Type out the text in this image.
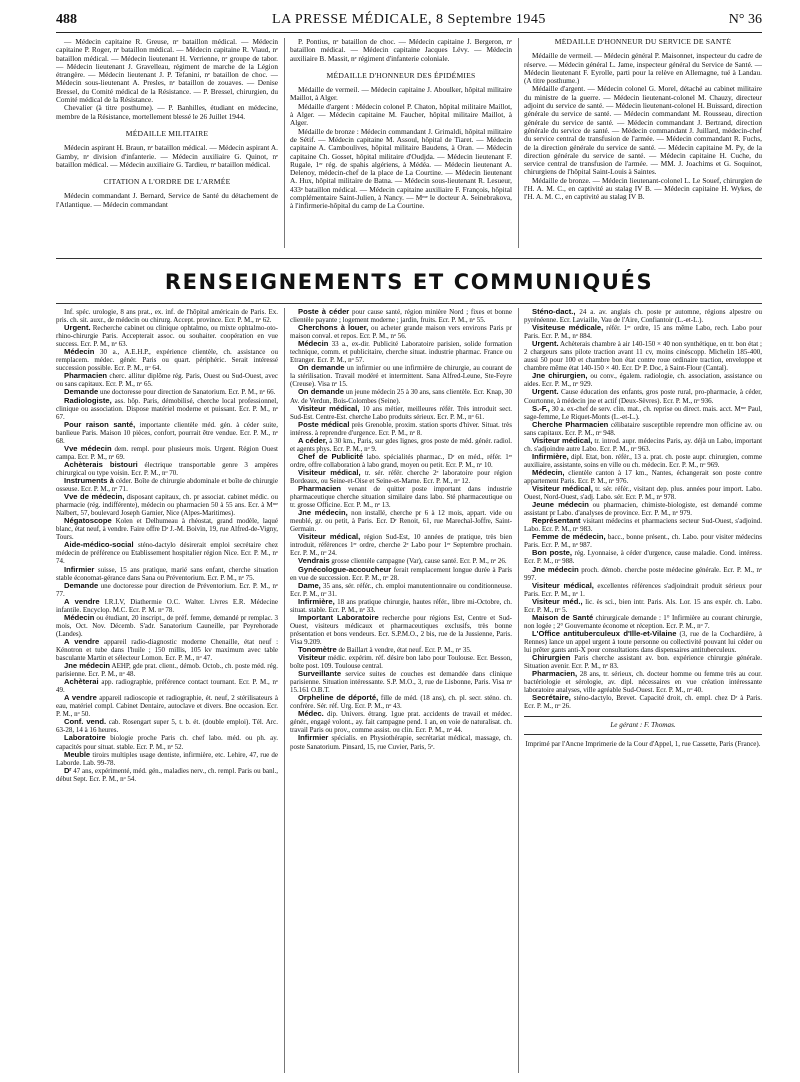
488	LA PRESSE MÉDICALE, 8 Septembre 1945	N° 36

— Médecin capitaine R. Greuse, nᵉ bataillon médical. — Médecin capitaine P. Roger, nᵉ bataillon médical. — Médecin capitaine R. Viaud, nᵉ bataillon médical. — Médecin lieutenant H. Verrienne, nᵉ groupe de tabor. — Médecin lieutenant J. Gravelleau, régiment de marche de la Légion étrangère. — Médecin lieutenant J. P. Tefanini, nᵉ bataillon de choc. — Médecin sous-lieutenant A. Presles, nᵉ bataillon de zouaves. — Denise Bressel, du Comité médical de la Résistance. — P. Bressel, chirurgien, du Comité médical de la Résistance.

Chevalier (à titre posthume). — P. Banhilles, étudiant en médecine, membre de la Résistance, mortellement blessé le 26 Juillet 1944.

MÉDAILLE MILITAIRE

Médecin aspirant H. Braun, nᵉ bataillon médical. — Médecin aspirant A. Gamby, nᵉ division d'infanterie. — Médecin auxiliaire G. Quinot, nᵉ bataillon médical. — Médecin auxiliaire G. Tardieu, nᵉ bataillon médical.

CITATION A L'ORDRE DE L'ARMÉE

Médecin commandant J. Bernard, Service de Santé du détachement de l'Atlantique. — Médecin commandant

P. Pontius, nᵉ bataillon de choc. — Médecin capitaine J. Bergeron, nᵉ bataillon médical. — Médecin capitaine Jacques Lévy. — Médecin auxiliaire B. Massit, nᵉ régiment d'infanterie coloniale.

MÉDAILLE D'HONNEUR DES ÉPIDÉMIES

Médaille de vermeil. — Médecin capitaine J. Aboulker, hôpital militaire Maillot, à Alger.

Médaille d'argent : Médecin colonel P. Chaton, hôpital militaire Maillot, à Alger. — Médecin capitaine M. Faucher, hôpital militaire Maillot, à Alger.

Médaille de bronze : Médecin commandant J. Grimaldi, hôpital militaire de Sétif. — Médecin capitaine M. Assoul, hôpital de Tiaret. — Médecin capitaine A. Camboulives, hôpital militaire Baudens, à Oran. — Médecin capitaine Ch. Gosset, hôpital militaire d'Oudjda. — Médecin lieutenant F. Rugale, 1ᵉʳ rég. de spahis algériens, à Médéa. — Médecin lieutenant A. Delenoy, médecin-chef de la place de La Courtine. — Médecin lieutenant A. Hux, hôpital militaire de Batna. — Médecin sous-lieutenant R. Lesueur, 433ᵉ bataillon médical. — Médecin capitaine auxiliaire F. François, hôpital complémentaire Saint-Julien, à Nancy. — Mᵐᵉ le docteur A. Seinebrakova, à l'infirmerie-hôpital du camp de La Courtine.

MÉDAILLE D'HONNEUR DU SERVICE DE SANTÉ

Médaille de vermeil. — Médecin général P. Maisonnet, inspecteur du cadre de réserve. — Médecin général L. Jame, inspecteur général du Service de Santé. — Médecin lieutenant F. Eyrolle, parti pour la relève en Allemagne, tué à Landau. (A titre posthume.)

Médaille d'argent. — Médecin colonel G. Morel, détaché au cabinet militaire du ministre de la guerre. — Médecin lieutenant-colonel M. Chauzy, directeur adjoint du service de santé. — Médecin lieutenant-colonel H. Buissard, direction générale du service de santé. — Médecin commandant M. Rousseau, direction générale du service de santé. — Médecin commandant J. Bertrand, direction générale du service de santé. — Médecin commandant J. Juillard, médecin-chef du service central de transfusion de l'armée. — Médecin commandant R. Fuchs, de la direction générale du service de santé. — Médecin capitaine M. Py, de la direction générale du service de santé. — Médecin capitaine H. Cuche, du service central de transfusion de l'armée. — MM. J. Joachims et G. Soquinot, chirurgiens de l'hôpital Saint-Louis à Saintes.

Médaille de bronze. — Médecin lieutenant-colonel L. Le Souef, chirurgien de l'H. A. M. C., en captivité au stalag IV B. — Médecin capitaine H. Wykes, de l'H. A. M. C., en captivité au stalag IV B.

RENSEIGNEMENTS ET COMMUNIQUÉS

Inf. spéc. urologie, 8 ans prat., ex. inf. de l'hôpital américain de Paris. Ex. pris. ch. sit. auxr., de médecin ou chirurg. Accept. province. Ecr. P. M., nᵒ 62.

Urgent. Recherche cabinet ou clinique ophtalmo, ou mixte ophtalmo-oto-rhino-chirurgie Paris. Accepterait assoc. ou souhaiter. coopération en vue success. Ecr. P. M., nᵒ 63.

Médecin 30 a., A.E.H.P., expérience clientèle, ch. assistance ou remplacem. médec. génér. Paris ou quart. périphéric. Serait intéressé succession possible. Ecr. P. M., nᵒ 64.

Pharmacien cherc. allitur diplôme rég. Paris, Ouest ou Sud-Ouest, avec ou sans capitaux. Ecr. P. M., nᵒ 65.

Demande une doctoresse pour direction de Sanatorium. Ecr. P. M., nᵒ 66.

Radiologiste, ass. hôp. Paris, démobilisé, cherche local professionnel, clinique ou association. Dispose matériel moderne et puissant. Ecr. P. M., nᵒ 67.

Pour raison santé, importante clientèle méd. gén. à céder suite, banlieue Paris. Maison 10 pièces, confort, pourrait être vendue. Ecr. P. M., nᵒ 68.

Vve médecin dem. rempl. pour plusieurs mois. Urgent. Région Ouest campa. Ecr. P. M., nᵒ 69.

Achèterais bistouri électrique transportable genre 3 ampères chirurgical ou type voisin. Ecr. P. M., nᵒ 70.

Instruments à céder. Boîte de chirurgie abdominale et boîte de chirurgie osseuse. Ecr. P. M., nᵒ 71.

Vve de médecin, disposant capitaux, ch. pr associat. cabinet médic. ou pharmacie (rég. indifférente), médecin ou pharmacien 50 à 55 ans. Ecr. à Mᵐᵉ Nalbert, 57, boulevard Joseph Garnier, Nice (Alpes-Maritimes).

Négatoscope Kolen et Delhumeau à rhéostat, grand modèle, laqué blanc, état neuf, à vendre. Faire offre Dʳ J.-M. Boivin, 19, rue Alfred-de-Vigny, Tours.

Aide-médico-social sténo-dactylo désirerait emploi secrétaire chez médecin de préférence ou Etablissement hospitalier région Nice. Ecr. P. M., nᵒ 74.

Infirmier suisse, 15 ans pratique, marié sans enfant, cherche situation stable économat-gérance dans Sana ou Préventorium. Ecr. P. M., nᵒ 75.

Demande une doctoresse pour direction de Préventorium. Ecr. P. M., nᵒ 77.

A vendre I.R.I.V, Diathermie O.C. Walter. Livres E.R. Médecine infantile. Encyclop. M.C. Ecr. P. M. nᵒ 78.

Médecin ou étudiant, 20 inscript., de préf. femme, demandé pr remplac. 3 mois, Oct. Nov. Décemb. S'adr. Sanatorium Cauneille, par Peyrehorade (Landes).

A vendre appareil radio-diagnostic moderne Chenaille, état neuf : Kénotron et tube dans l'huile ; 150 millis, 105 kv maximum avec table basculante Martin et sélecteur Lomon. Ecr. P. M., nᵒ 47.

Jne médecin AEHP, gde prat. client., démob. Octob., ch. poste méd. rég. parisienne. Ecr. P. M., nᵒ 48.

Achèterai app. radiographie, préférence contact tournant. Ecr. P. M., nᵒ 49.

A vendre appareil radioscopie et radiographie, ét. neuf, 2 stérilisateurs à eau, matériel compl. Cabinet Dentaire, autoclave et divers. Bne occasion. Ecr. P. M., nᵒ 50.

Conf. vend. cab. Rosengart super 5, t. b. ét. (double emploi). Tél. Arc. 63-28, 14 à 16 heures.

Laboratoire biologie proche Paris ch. chef labo. méd. ou ph. ay. capacités pour situat. stable. Ecr. P. M., nᵒ 52.

Meuble tiroirs multiples usage dentiste, infirmière, etc. Lehire, 47, rue de Laborde. Lab. 99-78.

Dʳ 47 ans, expérimenté, méd. gén., maladies nerv., ch. rempl. Paris ou banl., début Sept. Ecr. P. M., nᵒ 54.

Poste à céder pour cause santé, région minière Nord ; fixes et bonne clientèle payante ; logement moderne ; jardin, fruits. Ecr. P. M., nᵒ 55.

Cherchons à louer, ou acheter grande maison vers environs Paris pr maison conval. et repos. Ecr. P. M., nᵒ 56.

Médecin 33 a., ex-dir. Publicité Laboratoire parisien, solide formation technique, comm. et publicitaire, cherche situat. industrie pharmac. France ou Etranger. Ecr. P. M., nᵒ 57.

On demande un infirmier ou une infirmière de chirurgie, au courant de la stérilisation. Travail modéré et intermittent. Sana Alfred-Leune, Ste-Feyre (Creuse). Visa nᵒ 15.

On demande un jeune médecin 25 à 30 ans, sans clientèle. Ecr. Knap, 30 Av. de Verdun, Bois-Colombes (Seine).

Visiteur médical, 10 ans métier, meilleures référ. Très introduit sect. Sud-Est. Centre-Est. cherche Labo produits sérieux. Ecr. P. M., nᵒ 61.

Poste médical près Grenoble, proxim. station sports d'hiver. Situat. très intéress. à reprendre d'urgence. Ecr. P. M., nᵒ 8.

A céder, à 30 km., Paris, sur gdes lignes, gros poste de méd. génér. radiol. et agents phys. Ecr. P. M., nᵒ 9.

Chef de Publicité labo. spécialités pharmac., Dʳ en méd., référ. 1ᵉʳ ordre, offre collaboration à labo grand, moyen ou petit. Ecr. P. M., nᵒ 10.

Visiteur médical, tr. sér. référ. cherche 2ᵉ laboratoire pour région Bordeaux, ou Seine-et-Oise et Seine-et-Marne. Ecr. P. M., nᵒ 12.

Pharmacien venant de quitter poste important dans industrie pharmaceutique cherche situation similaire dans labo. Sté pharmaceutique ou tr. grosse Officine. Ecr. P. M., nᵒ 13.

Jne médecin, non installé, cherche pr 6 à 12 mois, appart. vide ou meublé, gr. ou petit, à Paris. Ecr. Dʳ Renoit, 61, rue Marechal-Joffre, Saint-Germain.

Visiteur médical, région Sud-Est, 10 années de pratique, très bien introduit, références 1ᵉʳ ordre, cherche 2ᵉ Labo pour 1ᵉʳ Septembre prochain. Ecr. P. M., nᵒ 24.

Vendrais grosse clientèle campagne (Var), cause santé. Ecr. P. M., nᵒ 26.

Gynécologue-accoucheur ferait remplacement longue durée à Paris en vue de succession. Ecr. P. M., nᵒ 28.

Dame, 35 ans, sér. référ., ch. emploi manutentionnaire ou conditionneuse. Ecr. P. M., nᵒ 31.

Infirmière, 18 ans pratique chirurgie, hautes référ., libre mi-Octobre, ch. situat. stable. Ecr. P. M., nᵒ 33.

Important Laboratoire recherche pour régions Est, Centre et Sud-Ouest, visiteurs médicaux et pharmaceutiques exclusifs, très bonne présentation et bons vendeurs. Ecr. S.P.M.O., 2 bis, rue de la Jussienne, Paris. Visa 9.209.

Tonomètre de Baillart à vendre, état neuf. Ecr. P. M., nᵒ 35.

Visiteur médic. expérim. réf. désire bon labo pour Toulouse. Ecr. Besson, boîte post. 109. Toulouse central.

Surveillante service suites de couches est demandée dans clinique parisienne. Situation intéressante. S.P. M.O., 3, rue de Lisbonne, Paris. Visa nᵒ 15.161 O.B.T.

Orpheline de déporté, fille de méd. (18 ans), ch. pl. secr. sténo. ch. confrère. Sér. réf. Urg. Ecr. P. M., nᵒ 43.

Médec. dip. Univers. étrang. 1gue prat. accidents de travail et médec. génér., engagé volont., ay. fait campagne pend. 1 an, en voie de naturalisat. ch. travail Paris ou prov., comme assist. ou clin. Ecr. P. M., nᵒ 44.

Infirmier spécialis. en Physiothérapie, secrétariat médical, massage, ch. poste Sanatorium. Pinsard, 15, rue Cuvier, Paris, 5ᵉ.

Sténo-dact., 24 a. av. anglais ch. poste pr automne, régions alpestre ou pyrénéenne. Ecr. Laviaille, Vau de l'Aire, Confiantoir (L.-et-L.).

Visiteuse médicale, référ. 1ᵉʳ ordre, 15 ans même Labo, rech. Labo pour Paris. Ecr. P. M., nᵒ 884.

Urgent. Achèterais chambre à air 140-150 × 40 non synthétique, en tr. bon état ; 2 chargeurs sans pilote traction avant 11 cv, moins cinéscopp. Michelin 185-400, aussi 50 pour 100 et chambre bon état contre roue ordinaire traction, enveloppe et chambre même état 140-150 × 40. Ecr. Dʳ P. Doc, à Saint-Flour (Cantal).

Jne chirurgien, ou conv., égalem. radiologie, ch. association, assistance ou aides. Ecr. P. M., nᵒ 929.

Urgent. Cause éducation des enfants, gros poste rural, pro-pharmacie, à céder, Courtonne, à médecin jne et actif (Deux-Sèvres). Ecr. P. M., nᵒ 936.

S.-F., 30 a. ex-chef de serv. clin. mat., ch. reprise ou direct. mais. acct. Mᵐᵉ Paul, sage-femme, Le Riquet-Monts (L.-et-L.).

Cherche Pharmacien célibataire susceptible reprendre mon officine av. ou sans capitaux. Ecr. P. M., nᵒ 948.

Visiteur médical, tr. introd. aupr. médecins Paris, ay. déjà un Labo, important ch. s'adjoindre autre Labo. Ecr. P. M., nᵒ 963.

Infirmière, dipl. Etat, bon. référ., 13 a. prat. ch. poste aupr. chirurgien, comme auxiliaire, assistante, soins en ville ou ch. médecin. Ecr. P. M., nᵒ 969.

Médecin, clientèle canton à 17 km., Nantes, échangerait son poste contre appartement Paris. Ecr. P. M., nᵒ 976.

Visiteur médical, tr. sér. référ., visitant dep. plus. années pour import. Labo. Ouest, Nord-Ouest, s'adj. Labo. sér. Ecr. P. M., nᵒ 978.

Jeune médecin ou pharmacien, chimiste-biologiste, est demandé comme assistant pr Labo. d'analyses de province. Ecr. P. M., nᵒ 979.

Représentant visitant médecins et pharmaciens secteur Sud-Ouest, s'adjoind. Labo. Ecr. P. M., nᵒ 983.

Femme de médecin, bacc., bonne présent., ch. Labo. pour visiter médecins Paris. Ecr. P. M., nᵒ 987.

Bon poste, rég. Lyonnaise, à céder d'urgence, cause maladie. Cond. intéress. Ecr. P. M., nᵒ 988.

Jne médecin proch. démob. cherche poste médecine générale. Ecr. P. M., nᵒ 997.

Visiteur médical, excellentes références s'adjoindrait produit sérieux pour Paris. Ecr. P. M., nᵒ 1.

Visiteur méd., lic. ès sci., bien intr. Paris. Als. Lor. 15 ans expér. ch. Labo. Ecr. P. M., nᵒ 5.

Maison de Santé chirurgicale demande : 1° Infirmière au courant chirurgie, non logée ; 2° Gouvernante économe et réception. Ecr. P. M., nᵒ 7.

L'Office antituberculeux d'Ille-et-Vilaine (3, rue de la Cochardière, à Rennes) lance un appel urgent à toute personne ou collectivité pouvant lui céder ou lui prêter gants anti-X pour consultations dans dispensaires antituberculeux.

Chirurgien Paris cherche assistant av. bon. expérience chirurgie générale. Situation avenir. Ecr. P. M., nᵒ 83.

Pharmacien, 28 ans, tr. sérieux, ch. docteur homme ou femme très au cour. bactériologie et sérologie, av. dipl. nécessaires en vue création intéressante laboratoire analyses, ville agréable Sud-Ouest. Ecr. P. M., nᵒ 40.

Secrétaire, sténo-dactylo, Brevet. Capacité droit, ch. empl. chez Dʳ à Paris. Ecr. P. M., nᵒ 26.

Le gérant : F. Thomas.
Imprimé par l'Ancne Imprimerie de la Cour d'Appel, 1, rue Cassette, Paris (France).
